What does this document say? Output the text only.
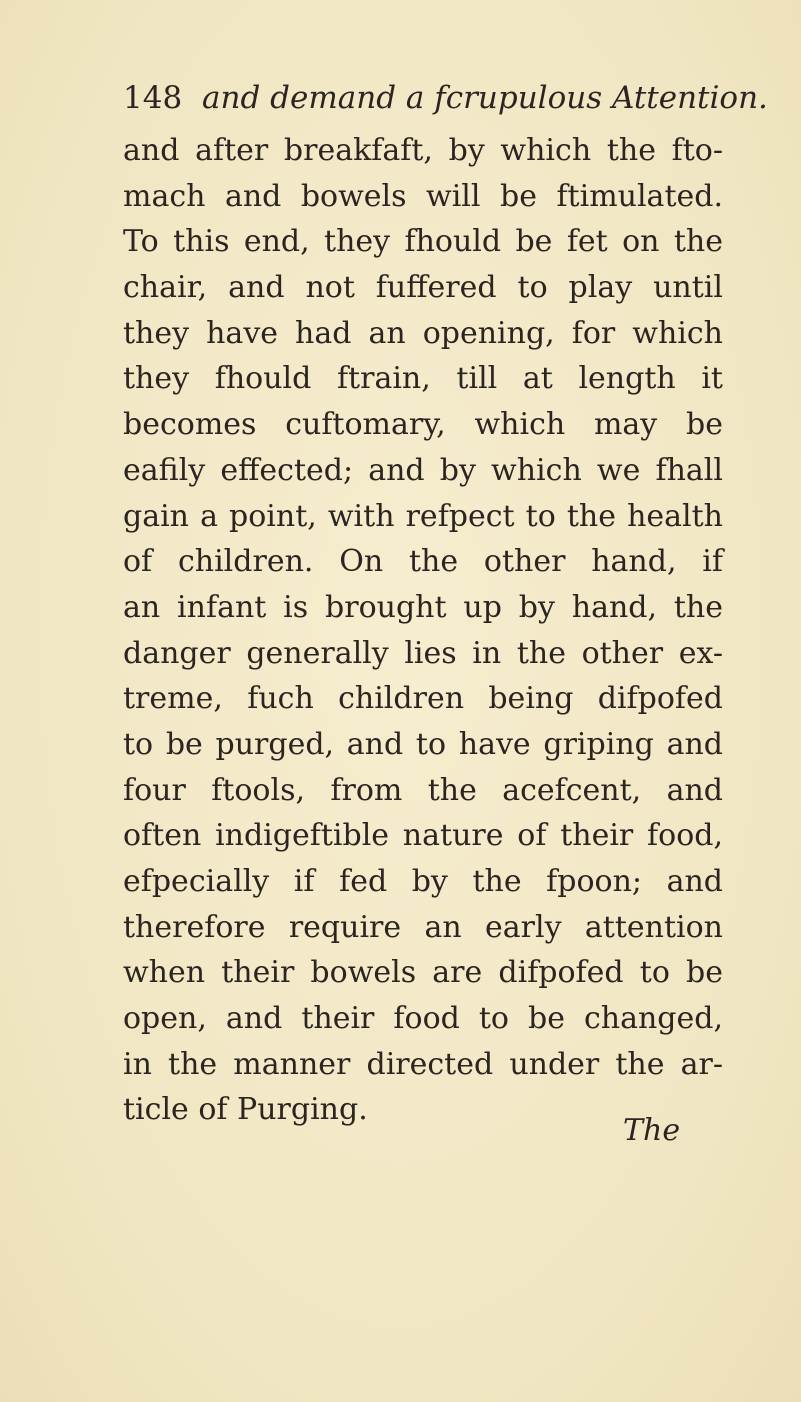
148 and demand a fcrupulous Attention.
and after breakfaft, by which the fto-
mach and bowels will be ftimulated.
To this end, they fhould be fet on the
chair, and not fuffered to play until
they have had an opening, for which
they fhould ftrain, till at length it
becomes cuftomary, which may be
eafily effected; and by which we fhall
gain a point, with refpect to the health
of children. On the other hand, if
an infant is brought up by hand, the
danger generally lies in the other ex-
treme, fuch children being difpofed
to be purged, and to have griping and
four ftools, from the acefcent, and
often indigeftible nature of their food,
efpecially if fed by the fpoon; and
therefore require an early attention
when their bowels are difpofed to be
open, and their food to be changed,
in the manner directed under the ar-
ticle of Purging.
The
